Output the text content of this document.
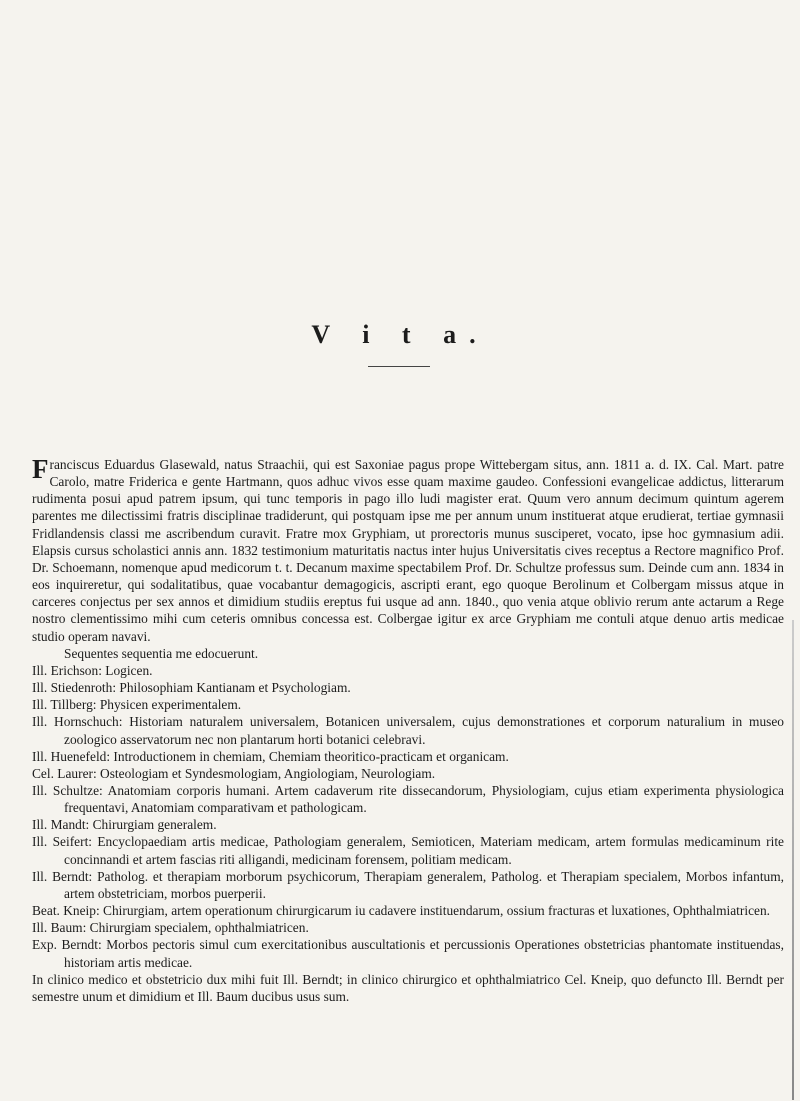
V i t a.

Franciscus Eduardus Glasewald, natus Straachii, qui est Saxoniae pagus prope Wittebergam situs, ann. 1811 a. d. IX. Cal. Mart. patre Carolo, matre Friderica e gente Hartmann, quos adhuc vivos esse quam maxime gaudeo. Confessioni evangelicae addictus, litterarum rudimenta posui apud patrem ipsum, qui tunc temporis in pago illo ludi magister erat. Quum vero annum decimum quintum agerem parentes me dilectissimi fratris disciplinae tradiderunt, qui postquam ipse me per annum unum instituerat atque erudierat, tertiae gymnasii Fridlandensis classi me ascribendum curavit. Fratre mox Gryphiam, ut prorectoris munus susciperet, vocato, ipse hoc gymnasium adii. Elapsis cursus scholastici annis ann. 1832 testimonium maturitatis nactus inter hujus Universitatis cives receptus a Rectore magnifico Prof. Dr. Schoemann, nomenque apud medicorum t. t. Decanum maxime spectabilem Prof. Dr. Schultze professus sum. Deinde cum ann. 1834 in eos inquireretur, qui sodalitatibus, quae vocabantur demagogicis, ascripti erant, ego quoque Berolinum et Colbergam missus atque in carceres conjectus per sex annos et dimidium studiis ereptus fui usque ad ann. 1840., quo venia atque oblivio rerum ante actarum a Rege nostro clementissimo mihi cum ceteris omnibus concessa est. Colbergae igitur ex arce Gryphiam me contuli atque denuo artis medicae studio operam navavi.

Sequentes sequentia me edocuerunt.

Ill. Erichson: Logicen.

Ill. Stiedenroth: Philosophiam Kantianam et Psychologiam.

Ill. Tillberg: Physicen experimentalem.

Ill. Hornschuch: Historiam naturalem universalem, Botanicen universalem, cujus demonstrationes et corporum naturalium in museo zoologico asservatorum nec non plantarum horti botanici celebravi.

Ill. Huenefeld: Introductionem in chemiam, Chemiam theoritico-practicam et organicam.

Cel. Laurer: Osteologiam et Syndesmologiam, Angiologiam, Neurologiam.

Ill. Schultze: Anatomiam corporis humani. Artem cadaverum rite dissecandorum, Physiologiam, cujus etiam experimenta physiologica frequentavi, Anatomiam comparativam et pathologicam.

Ill. Mandt: Chirurgiam generalem.

Ill. Seifert: Encyclopaediam artis medicae, Pathologiam generalem, Semioticen, Materiam medicam, artem formulas medicaminum rite concinnandi et artem fascias riti alligandi, medicinam forensem, politiam medicam.

Ill. Berndt: Patholog. et therapiam morborum psychicorum, Therapiam generalem, Patholog. et Therapiam specialem, Morbos infantum, artem obstetriciam, morbos puerperii.

Beat. Kneip: Chirurgiam, artem operationum chirurgicarum iu cadavere instituendarum, ossium fracturas et luxationes, Ophthalmiatricen.

Ill. Baum: Chirurgiam specialem, ophthalmiatricen.

Exp. Berndt: Morbos pectoris simul cum exercitationibus auscultationis et percussionis Operationes obstetricias phantomate instituendas, historiam artis medicae.

In clinico medico et obstetricio dux mihi fuit Ill. Berndt; in clinico chirurgico et ophthalmiatrico Cel. Kneip, quo defuncto Ill. Berndt per semestre unum et dimidium et Ill. Baum ducibus usus sum.
